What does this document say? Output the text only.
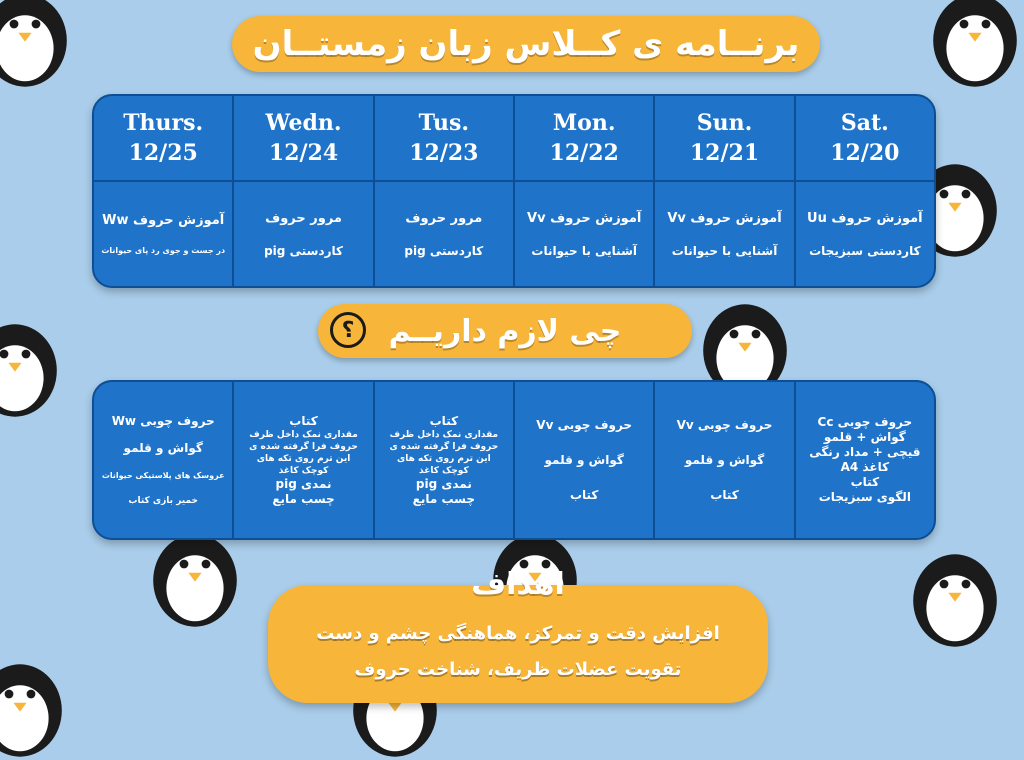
برنــامه ی کــلاس زبان زمستــان
Sat.
12/20
آموزش حروف Uu
کاردستی سبزیجات
Sun.
12/21
آموزش حروف Vv
آشنایی با حیوانات
Mon.
12/22
آموزش حروف Vv
آشنایی با حیوانات
Tus.
12/23
مرور حروف
کاردستی pig
Wedn.
12/24
مرور حروف
کاردستی pig
Thurs.
12/25
آموزش حروف Ww
در جست و جوی رد پای حیوانات
چی لازم داریــم
؟
حروف چوبی Cc
گواش + قلمو
قیچی + مداد رنگی
کاغذ A4
کتاب
الگوی سبزیجات
حروف چوبی Vv
گواش و قلمو
کتاب
حروف چوبی Vv
گواش و قلمو
کتاب
کتاب
مقداری نمک داخل ظرف
حروف فرا گرفته شده ی
این ترم روی تکه های
کوچک کاغذ
نمدی pig
چسب مایع
کتاب
مقداری نمک داخل ظرف
حروف فرا گرفته شده ی
این ترم روی تکه های
کوچک کاغذ
نمدی pig
چسب مایع
حروف چوبی Ww
گواش و قلمو
عروسک های پلاستیکی حیوانات
خمیر بازی کتاب
اهداف
افزایش دقت و تمرکز، هماهنگی چشم و دست
تقویت عضلات ظریف، شناخت حروف
